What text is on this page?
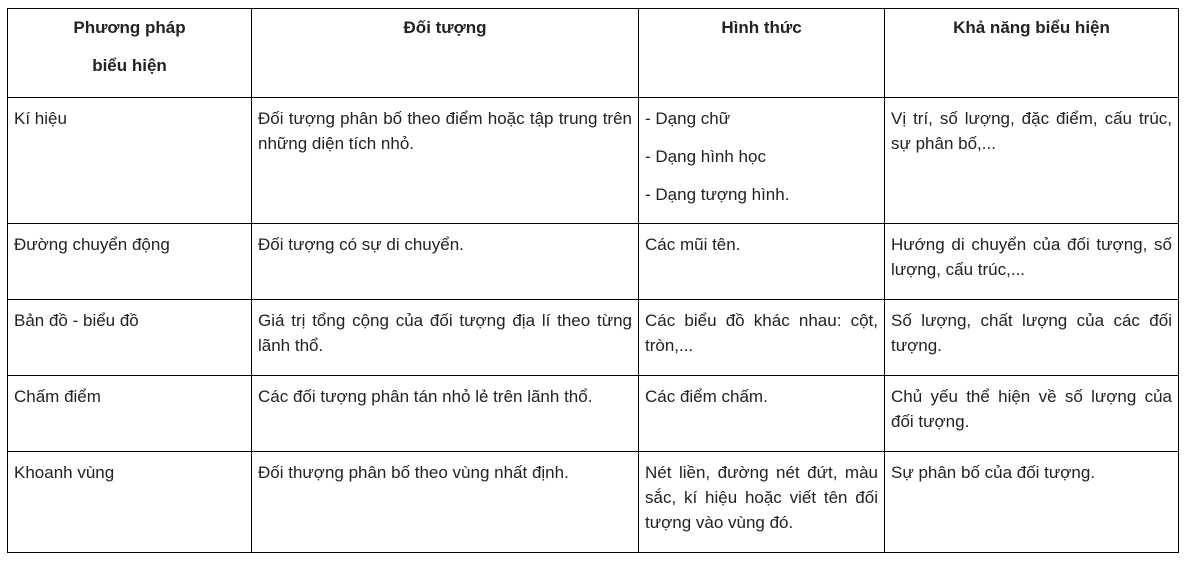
Phương pháp
biểu hiện	Đối tượng	Hình thức	Khả năng biểu hiện
Kí hiệu	Đối tượng phân bố theo điểm hoặc tập trung trên những diện tích nhỏ.	- Dạng chữ
- Dạng hình học
- Dạng tượng hình.	Vị trí, số lượng, đặc điểm, cấu trúc, sự phân bố,...
Đường chuyển động	Đối tượng có sự di chuyển.	Các mũi tên.	Hướng di chuyển của đối tượng, số lượng, cấu trúc,...
Bản đồ - biểu đồ	Giá trị tổng cộng của đối tượng địa lí theo từng lãnh thổ.	Các biểu đồ khác nhau: cột, tròn,...	Số lượng, chất lượng của các đối tượng.
Chấm điểm	Các đối tượng phân tán nhỏ lẻ trên lãnh thổ.	Các điểm chấm.	Chủ yếu thể hiện về số lượng của đối tượng.
Khoanh vùng	Đối thượng phân bố theo vùng nhất định.	Nét liền, đường nét đứt, màu sắc, kí hiệu hoặc viết tên đối tượng vào vùng đó.	Sự phân bố của đối tượng.
